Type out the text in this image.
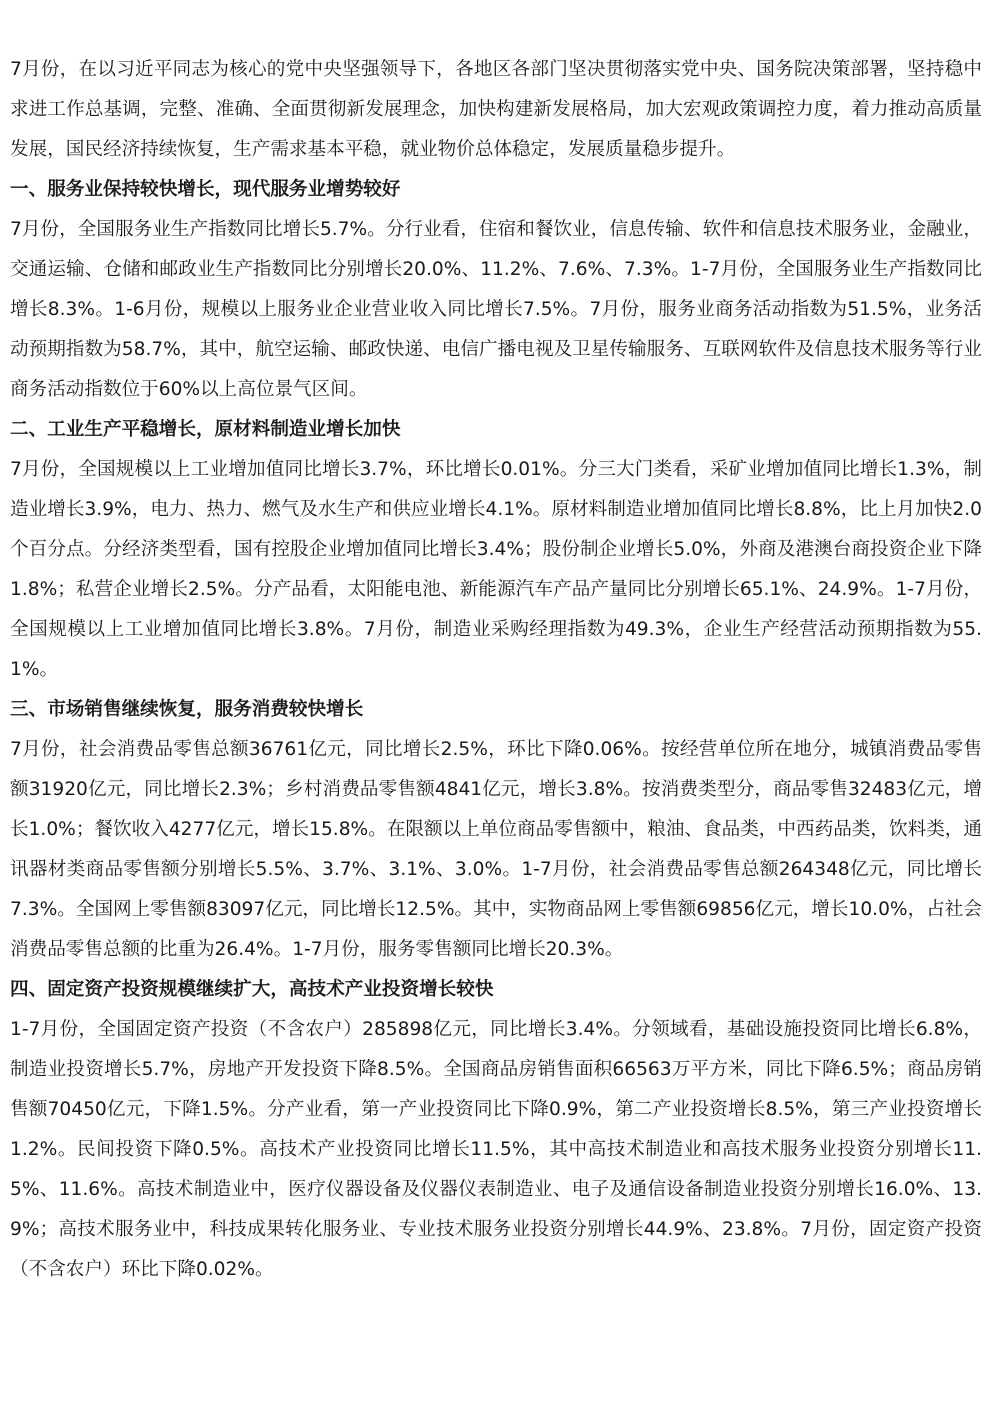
7月份，在以习近平同志为核心的党中央坚强领导下，各地区各部门坚决贯彻落实党中央、国务院决策部署，坚持稳中求进工作总基调，完整、准确、全面贯彻新发展理念，加快构建新发展格局，加大宏观政策调控力度，着力推动高质量发展，国民经济持续恢复，生产需求基本平稳，就业物价总体稳定，发展质量稳步提升。

一、服务业保持较快增长，现代服务业增势较好

7月份，全国服务业生产指数同比增长5.7%。分行业看，住宿和餐饮业，信息传输、软件和信息技术服务业，金融业，交通运输、仓储和邮政业生产指数同比分别增长20.0%、11.2%、7.6%、7.3%。1-7月份，全国服务业生产指数同比增长8.3%。1-6月份，规模以上服务业企业营业收入同比增长7.5%。7月份，服务业商务活动指数为51.5%，业务活动预期指数为58.7%，其中，航空运输、邮政快递、电信广播电视及卫星传输服务、互联网软件及信息技术服务等行业商务活动指数位于60%以上高位景气区间。

二、工业生产平稳增长，原材料制造业增长加快

7月份，全国规模以上工业增加值同比增长3.7%，环比增长0.01%。分三大门类看，采矿业增加值同比增长1.3%，制造业增长3.9%，电力、热力、燃气及水生产和供应业增长4.1%。原材料制造业增加值同比增长8.8%，比上月加快2.0个百分点。分经济类型看，国有控股企业增加值同比增长3.4%；股份制企业增长5.0%，外商及港澳台商投资企业下降1.8%；私营企业增长2.5%。分产品看，太阳能电池、新能源汽车产品产量同比分别增长65.1%、24.9%。1-7月份，全国规模以上工业增加值同比增长3.8%。7月份，制造业采购经理指数为49.3%，企业生产经营活动预期指数为55.1%。

三、市场销售继续恢复，服务消费较快增长

7月份，社会消费品零售总额36761亿元，同比增长2.5%，环比下降0.06%。按经营单位所在地分，城镇消费品零售额31920亿元，同比增长2.3%；乡村消费品零售额4841亿元，增长3.8%。按消费类型分，商品零售32483亿元，增长1.0%；餐饮收入4277亿元，增长15.8%。在限额以上单位商品零售额中，粮油、食品类，中西药品类，饮料类，通讯器材类商品零售额分别增长5.5%、3.7%、3.1%、3.0%。1-7月份，社会消费品零售总额264348亿元，同比增长7.3%。全国网上零售额83097亿元，同比增长12.5%。其中，实物商品网上零售额69856亿元，增长10.0%，占社会消费品零售总额的比重为26.4%。1-7月份，服务零售额同比增长20.3%。

四、固定资产投资规模继续扩大，高技术产业投资增长较快

1-7月份，全国固定资产投资（不含农户）285898亿元，同比增长3.4%。分领域看，基础设施投资同比增长6.8%，制造业投资增长5.7%，房地产开发投资下降8.5%。全国商品房销售面积66563万平方米，同比下降6.5%；商品房销售额70450亿元，下降1.5%。分产业看，第一产业投资同比下降0.9%，第二产业投资增长8.5%，第三产业投资增长1.2%。民间投资下降0.5%。高技术产业投资同比增长11.5%，其中高技术制造业和高技术服务业投资分别增长11.5%、11.6%。高技术制造业中，医疗仪器设备及仪器仪表制造业、电子及通信设备制造业投资分别增长16.0%、13.9%；高技术服务业中，科技成果转化服务业、专业技术服务业投资分别增长44.9%、23.8%。7月份，固定资产投资（不含农户）环比下降0.02%。
